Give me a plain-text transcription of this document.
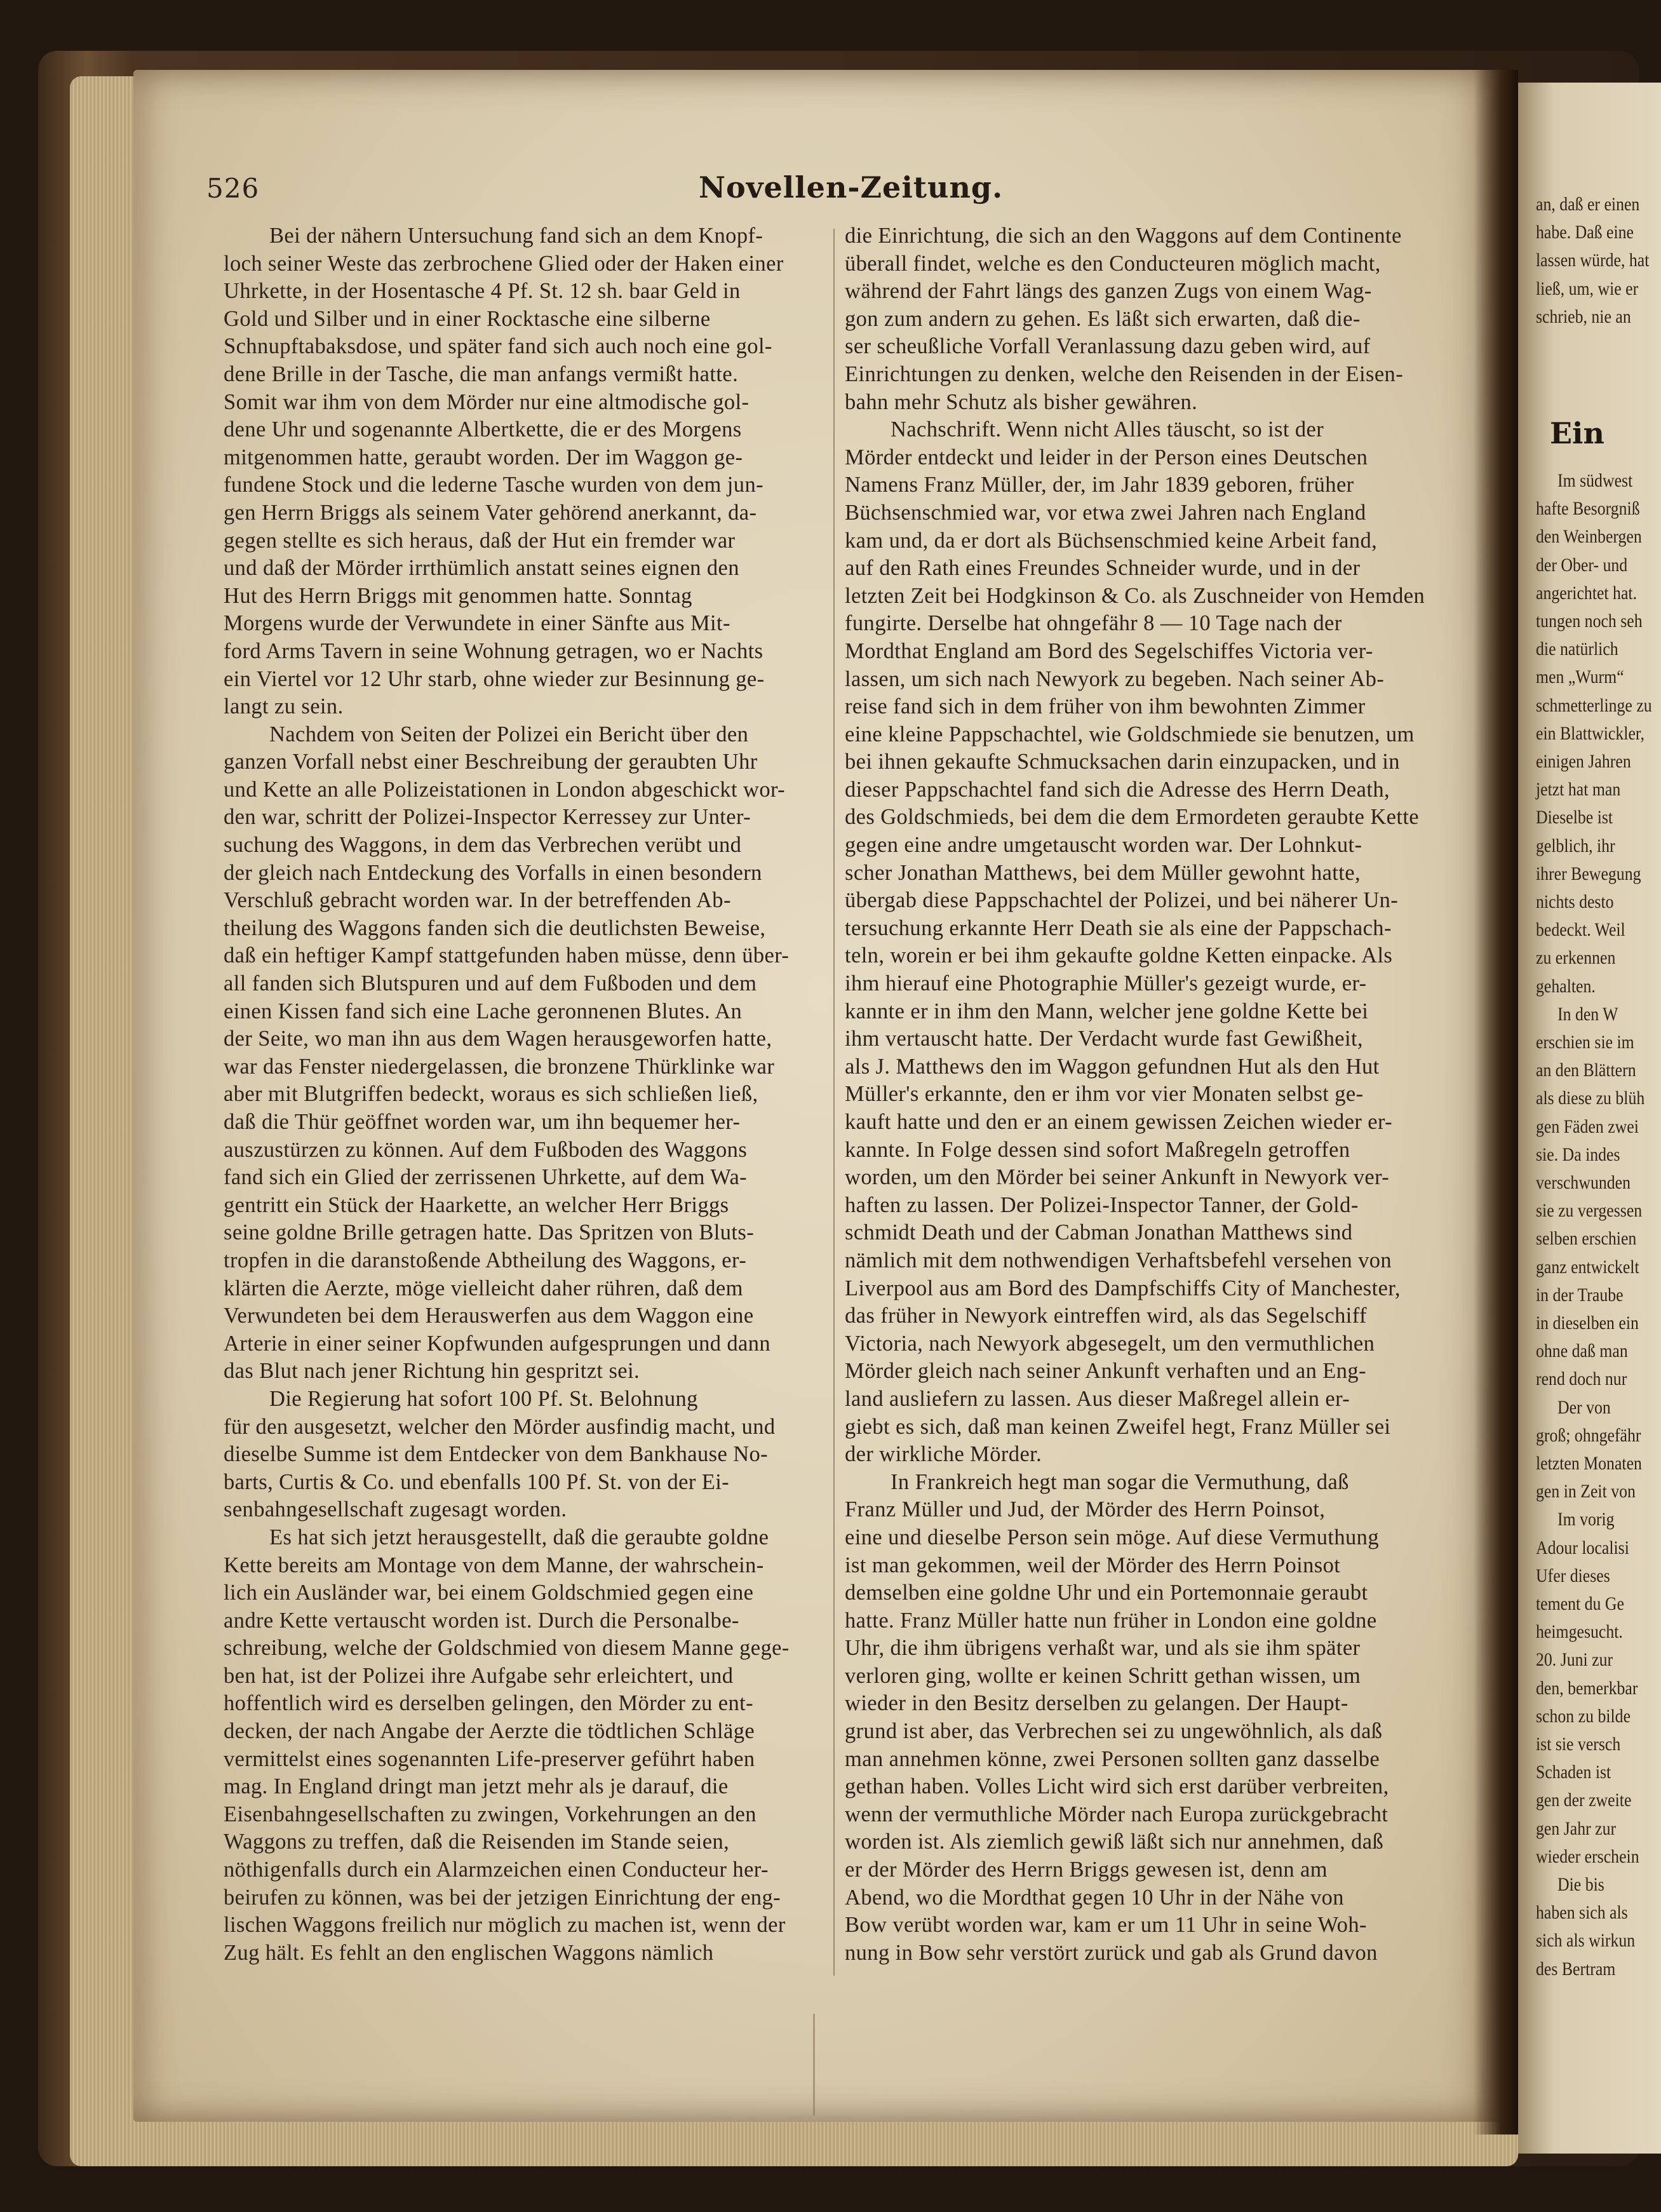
526	Novellen-Zeitung.

Bei der nähern Untersuchung fand sich an dem Knopf-
loch seiner Weste das zerbrochene Glied oder der Haken einer
Uhrkette, in der Hosentasche 4 Pf. St. 12 sh. baar Geld in
Gold und Silber und in einer Rocktasche eine silberne
Schnupftabaksdose, und später fand sich auch noch eine gol-
dene Brille in der Tasche, die man anfangs vermißt hatte.
Somit war ihm von dem Mörder nur eine altmodische gol-
dene Uhr und sogenannte Albertkette, die er des Morgens
mitgenommen hatte, geraubt worden. Der im Waggon ge-
fundene Stock und die lederne Tasche wurden von dem jun-
gen Herrn Briggs als seinem Vater gehörend anerkannt, da-
gegen stellte es sich heraus, daß der Hut ein fremder war
und daß der Mörder irrthümlich anstatt seines eignen den
Hut des Herrn Briggs mit genommen hatte. Sonntag
Morgens wurde der Verwundete in einer Sänfte aus Mit-
ford Arms Tavern in seine Wohnung getragen, wo er Nachts
ein Viertel vor 12 Uhr starb, ohne wieder zur Besinnung ge-
langt zu sein.

Nachdem von Seiten der Polizei ein Bericht über den
ganzen Vorfall nebst einer Beschreibung der geraubten Uhr
und Kette an alle Polizeistationen in London abgeschickt wor-
den war, schritt der Polizei-Inspector Kerressey zur Unter-
suchung des Waggons, in dem das Verbrechen verübt und
der gleich nach Entdeckung des Vorfalls in einen besondern
Verschluß gebracht worden war. In der betreffenden Ab-
theilung des Waggons fanden sich die deutlichsten Beweise,
daß ein heftiger Kampf stattgefunden haben müsse, denn über-
all fanden sich Blutspuren und auf dem Fußboden und dem
einen Kissen fand sich eine Lache geronnenen Blutes. An
der Seite, wo man ihn aus dem Wagen herausgeworfen hatte,
war das Fenster niedergelassen, die bronzene Thürklinke war
aber mit Blutgriffen bedeckt, woraus es sich schließen ließ,
daß die Thür geöffnet worden war, um ihn bequemer her-
auszustürzen zu können. Auf dem Fußboden des Waggons
fand sich ein Glied der zerrissenen Uhrkette, auf dem Wa-
gentritt ein Stück der Haarkette, an welcher Herr Briggs
seine goldne Brille getragen hatte. Das Spritzen von Bluts-
tropfen in die daranstoßende Abtheilung des Waggons, er-
klärten die Aerzte, möge vielleicht daher rühren, daß dem
Verwundeten bei dem Herauswerfen aus dem Waggon eine
Arterie in einer seiner Kopfwunden aufgesprungen und dann
das Blut nach jener Richtung hin gespritzt sei.

Die Regierung hat sofort 100 Pf. St. Belohnung
für den ausgesetzt, welcher den Mörder ausfindig macht, und
dieselbe Summe ist dem Entdecker von dem Bankhause No-
barts, Curtis & Co. und ebenfalls 100 Pf. St. von der Ei-
senbahngesellschaft zugesagt worden.

Es hat sich jetzt herausgestellt, daß die geraubte goldne
Kette bereits am Montage von dem Manne, der wahrschein-
lich ein Ausländer war, bei einem Goldschmied gegen eine
andre Kette vertauscht worden ist. Durch die Personalbe-
schreibung, welche der Goldschmied von diesem Manne gege-
ben hat, ist der Polizei ihre Aufgabe sehr erleichtert, und
hoffentlich wird es derselben gelingen, den Mörder zu ent-
decken, der nach Angabe der Aerzte die tödtlichen Schläge
vermittelst eines sogenannten Life-preserver geführt haben
mag. In England dringt man jetzt mehr als je darauf, die
Eisenbahngesellschaften zu zwingen, Vorkehrungen an den
Waggons zu treffen, daß die Reisenden im Stande seien,
nöthigenfalls durch ein Alarmzeichen einen Conducteur her-
beirufen zu können, was bei der jetzigen Einrichtung der eng-
lischen Waggons freilich nur möglich zu machen ist, wenn der
Zug hält. Es fehlt an den englischen Waggons nämlich

die Einrichtung, die sich an den Waggons auf dem Continente
überall findet, welche es den Conducteuren möglich macht,
während der Fahrt längs des ganzen Zugs von einem Wag-
gon zum andern zu gehen. Es läßt sich erwarten, daß die-
ser scheußliche Vorfall Veranlassung dazu geben wird, auf
Einrichtungen zu denken, welche den Reisenden in der Eisen-
bahn mehr Schutz als bisher gewähren.

Nachschrift. Wenn nicht Alles täuscht, so ist der
Mörder entdeckt und leider in der Person eines Deutschen
Namens Franz Müller, der, im Jahr 1839 geboren, früher
Büchsenschmied war, vor etwa zwei Jahren nach England
kam und, da er dort als Büchsenschmied keine Arbeit fand,
auf den Rath eines Freundes Schneider wurde, und in der
letzten Zeit bei Hodgkinson & Co. als Zuschneider von Hemden
fungirte. Derselbe hat ohngefähr 8 — 10 Tage nach der
Mordthat England am Bord des Segelschiffes Victoria ver-
lassen, um sich nach Newyork zu begeben. Nach seiner Ab-
reise fand sich in dem früher von ihm bewohnten Zimmer
eine kleine Pappschachtel, wie Goldschmiede sie benutzen, um
bei ihnen gekaufte Schmucksachen darin einzupacken, und in
dieser Pappschachtel fand sich die Adresse des Herrn Death,
des Goldschmieds, bei dem die dem Ermordeten geraubte Kette
gegen eine andre umgetauscht worden war. Der Lohnkut-
scher Jonathan Matthews, bei dem Müller gewohnt hatte,
übergab diese Pappschachtel der Polizei, und bei näherer Un-
tersuchung erkannte Herr Death sie als eine der Pappschach-
teln, worein er bei ihm gekaufte goldne Ketten einpacke. Als
ihm hierauf eine Photographie Müller's gezeigt wurde, er-
kannte er in ihm den Mann, welcher jene goldne Kette bei
ihm vertauscht hatte. Der Verdacht wurde fast Gewißheit,
als J. Matthews den im Waggon gefundnen Hut als den Hut
Müller's erkannte, den er ihm vor vier Monaten selbst ge-
kauft hatte und den er an einem gewissen Zeichen wieder er-
kannte. In Folge dessen sind sofort Maßregeln getroffen
worden, um den Mörder bei seiner Ankunft in Newyork ver-
haften zu lassen. Der Polizei-Inspector Tanner, der Gold-
schmidt Death und der Cabman Jonathan Matthews sind
nämlich mit dem nothwendigen Verhaftsbefehl versehen von
Liverpool aus am Bord des Dampfschiffs City of Manchester,
das früher in Newyork eintreffen wird, als das Segelschiff
Victoria, nach Newyork abgesegelt, um den vermuthlichen
Mörder gleich nach seiner Ankunft verhaften und an Eng-
land ausliefern zu lassen. Aus dieser Maßregel allein er-
giebt es sich, daß man keinen Zweifel hegt, Franz Müller sei
der wirkliche Mörder.

In Frankreich hegt man sogar die Vermuthung, daß
Franz Müller und Jud, der Mörder des Herrn Poinsot,
eine und dieselbe Person sein möge. Auf diese Vermuthung
ist man gekommen, weil der Mörder des Herrn Poinsot
demselben eine goldne Uhr und ein Portemonnaie geraubt
hatte. Franz Müller hatte nun früher in London eine goldne
Uhr, die ihm übrigens verhaßt war, und als sie ihm später
verloren ging, wollte er keinen Schritt gethan wissen, um
wieder in den Besitz derselben zu gelangen. Der Haupt-
grund ist aber, das Verbrechen sei zu ungewöhnlich, als daß
man annehmen könne, zwei Personen sollten ganz dasselbe
gethan haben. Volles Licht wird sich erst darüber verbreiten,
wenn der vermuthliche Mörder nach Europa zurückgebracht
worden ist. Als ziemlich gewiß läßt sich nur annehmen, daß
er der Mörder des Herrn Briggs gewesen ist, denn am
Abend, wo die Mordthat gegen 10 Uhr in der Nähe von
Bow verübt worden war, kam er um 11 Uhr in seine Woh-
nung in Bow sehr verstört zurück und gab als Grund davon

Ein
an, daß er einen
habe. Daß eine
lassen würde, hat
ließ, um, wie er
schrieb, nie an
Im südwest
hafte Besorgniß
den Weinbergen
der Ober- und
angerichtet hat.
tungen noch seh
die natürlich
men „Wurm“
schmetterlinge zu
ein Blattwickler,
einigen Jahren
jetzt hat man
Dieselbe ist
gelblich, ihr
ihrer Bewegung
nichts desto
bedeckt. Weil
zu erkennen
gehalten.
In den W
erschien sie im
an den Blättern
als diese zu blüh
gen Fäden zwei
sie. Da indes
verschwunden
sie zu vergessen
selben erschien
ganz entwickelt
in der Traube
in dieselben ein
ohne daß man
rend doch nur
Der von
groß; ohngefähr
letzten Monaten
gen in Zeit von
Im vorig
Adour localisi
Ufer dieses
tement du Ge
heimgesucht.
20. Juni zur
den, bemerkbar
schon zu bilde
ist sie versch
Schaden ist
gen der zweite
gen Jahr zur
wieder erschein
Die bis
haben sich als
sich als wirkun
des Bertram
